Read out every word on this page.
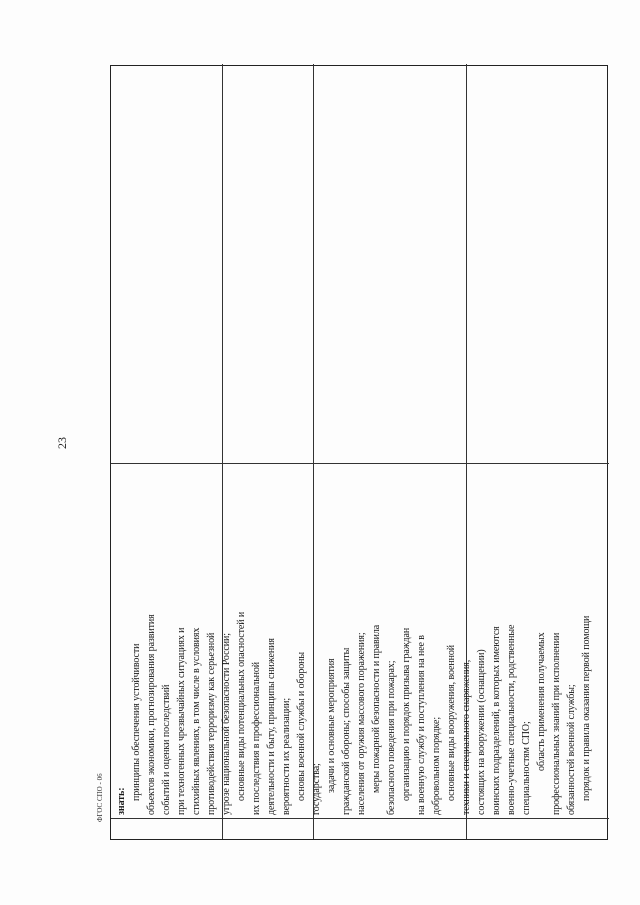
23
ФГОС СПО - 06 знать:
принципы обеспечения устойчивости объектов экономики, прогнозирования развития событий и оценки последствий при техногенных чрезвычайных ситуациях и стихийных явлениях, в том числе в условиях противодействия терроризму как серьезной угрозе национальной безопасности России; основные виды потенциальных опасностей и их последствия в профессиональной деятельности и быту, принципы снижения вероятности их реализации; основы военной службы и обороны государства; задачи и основные мероприятия гражданской обороны; способы защиты населения от оружия массового поражения; меры пожарной безопасности и правила безопасного поведения при пожарах; организацию и порядок призыва граждан на военную службу и поступления на нее в добровольном порядке; основные виды вооружения, военной техники и специального снаряжения, состоящих на вооружении (оснащении) воинских подразделений, в которых имеются военно-учетные специальности, родственные специальностям СПО; область применения получаемых профессиональных знаний при исполнении обязанностей военной службы; порядок и правила оказания первой помощи
